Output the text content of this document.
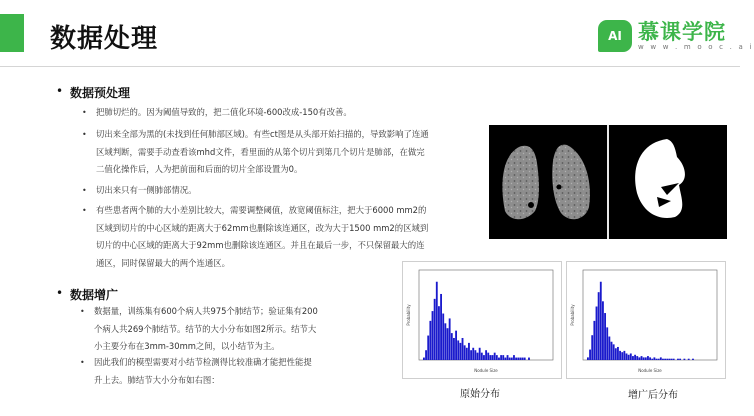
数据处理	AI 慕课学院
w w w . m o o c . a i
• 数据预处理
• 把肺切烂的。因为阈值导致的，把二值化环境-600改成-150有改善。
• 切出来全部为黑的(未找到任何肺部区域)。有些ct图是从头部开始扫描的，导致影响了连通
区域判断，需要手动查看该mhd文件，看里面的从第个切片到第几个切片是肺部，在做完
二值化操作后，人为把前面和后面的切片全部设置为0。
• 切出来只有一侧肺部情况。
• 有些患者两个肺的大小差别比较大，需要调整阈值，放宽阈值标注，把大于6000 mm2的
区域到切片的中心区域的距离大于62mm也删除该连通区，改为大于1500 mm2的区域到
切片的中心区域的距离大于92mm也删除该连通区。并且在最后一步，不只保留最大的连
通区，同时保留最大的两个连通区。
• 数据增广
• 数据量，训练集有600个病人共975个肺结节；验证集有200
个病人共269个肺结节。结节的大小分布如图2所示。结节大
小主要分布在3mm-30mm之间，以小结节为主。
• 因此我们的模型需要对小结节检测得比较准确才能把性能提
升上去。肺结节大小分布如右图：
Nodule Size
Probability
Nodule Size
Probability
原始分布	增广后分布
